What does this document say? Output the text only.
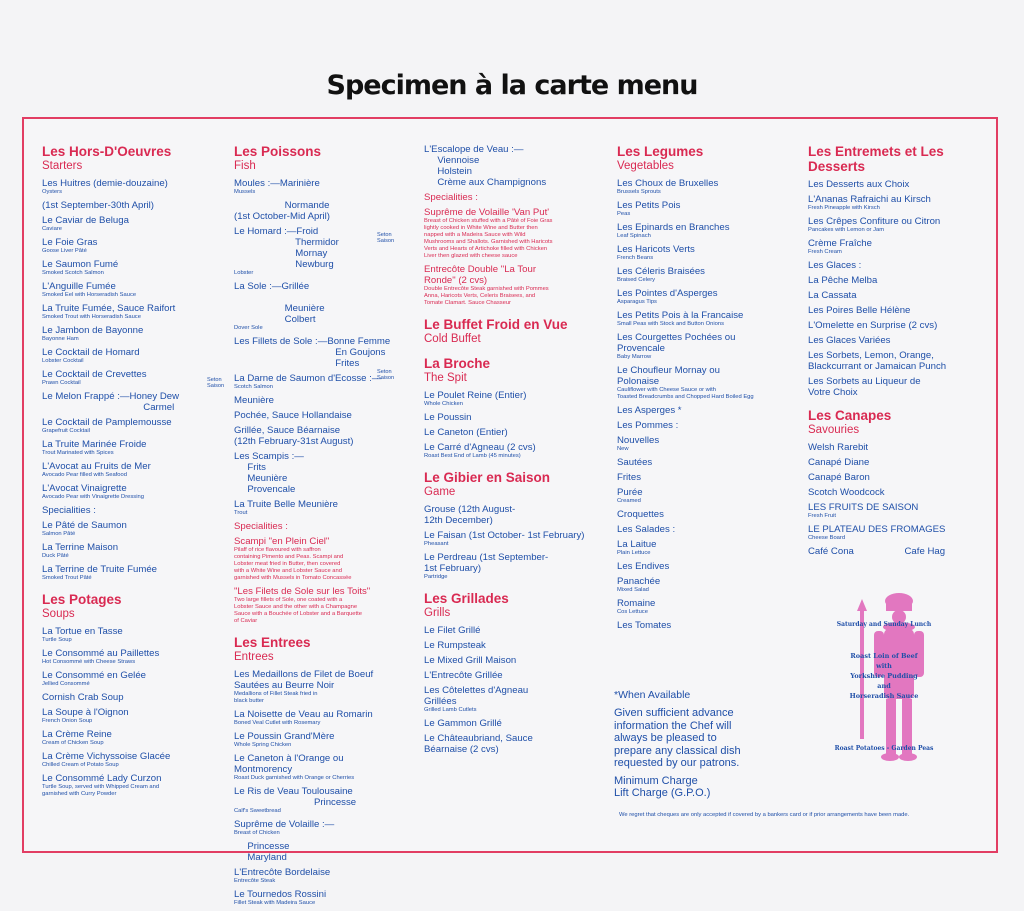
Specimen à la carte menu
Les Hors-D'Oeuvres
Starters
Les Huitres (demie-douzaine)
Oysters
(1st September-30th April)
Le Caviar de Beluga
Caviare
Le Foie Gras
Goose Liver Pâté
Le Saumon Fumé
Smoked Scotch Salmon
L'Anguille Fumée
Smoked Eel with Horseradish Sauce
La Truite Fumée, Sauce Raifort
Smoked Trout with Horseradish Sauce
Le Jambon de Bayonne
Bayonne Ham
Le Cocktail de Homard
Lobster Cocktail
Le Cocktail de Crevettes
Prawn Cocktail
Le Melon Frappé :—Honey Dew
Carmel
Le Cocktail de Pamplemousse
Grapefruit Cocktail
La Truite Marinée Froide
Trout Marinated with Spices
L'Avocat au Fruits de Mer
Avocado Pear filled with Seafood
L'Avocat Vinaigrette
Avocado Pear with Vinaigrette Dressing
Specialities :
Le Pâté de Saumon
Salmon Pâté
La Terrine Maison
Duck Pâté
La Terrine de Truite Fumée
Smoked Trout Pâté
Les Potages
Soups
La Tortue en Tasse
Turtle Soup
Le Consommé au Paillettes
Hot Consommé with Cheese Straws
Le Consommé en Gelée
Jellied Consommé
Cornish Crab Soup
La Soupe à l'Oignon
French Onion Soup
La Crème Reine
Cream of Chicken Soup
La Crème Vichyssoise Glacée
Chilled Cream of Potato Soup
Le Consommé Lady Curzon
Turtle Soup, served with Whipped Cream and
garnished with Curry Powder
Les Poissons
Fish
Moules :—Marinière
Mussels
Normande
(1st October-Mid April)
Le Homard :—Froid
Thermidor
Mornay
Newburg
Lobster
La Sole :—Grillée

Meunière
Colbert
Dover Sole
Les Fillets de Sole :—Bonne Femme
En Goujons
Frites
La Darne de Saumon d'Ecosse :—
Scotch Salmon
Meunière
Pochée, Sauce Hollandaise
Grillée, Sauce Béarnaise
(12th February-31st August)
Les Scampis :—
Frits
Meunière
Provencale
La Truite Belle Meunière
Trout
Specialities :
Scampi "en Plein Ciel"
Pilaff of rice flavoured with saffron
containing Pimento and Peas. Scampi and
Lobster meat fried in Butter, then covered
with a White Wine and Lobster Sauce and
garnished with Mussels in Tomato Concassée
"Les Filets de Sole sur les Toits"
Two large fillets of Sole, one coated with a
Lobster Sauce and the other with a Champagne
Sauce with a Bouchée of Lobster and a Barquette
of Caviar
Les Entrees
Entrees
Les Medaillons de Filet de Boeuf
Sautées au Beurre Noir
Medallions of Fillet Steak fried in
black butter
La Noisette de Veau au Romarin
Boned Veal Cutlet with Rosemary
Le Poussin Grand'Mère
Whole Spring Chicken
Le Caneton à l'Orange ou
Montmorency
Roast Duck garnished with Orange or Cherries
Le Ris de Veau Toulousaine
Princesse
Calf's Sweetbread
Suprême de Volaille :—
Breast of Chicken
Princesse
Maryland
L'Entrecôte Bordelaise
Entrecôte Steak
Le Tournedos Rossini
Fillet Steak with Madeira Sauce
L'Escalope de Veau :—
Viennoise
Holstein
Crème aux Champignons
Specialities :
Suprême de Volaille 'Van Put'
Breast of Chicken stuffed with a Pâté of Foie Gras
lightly cooked in White Wine and Butter then
napped with a Madeira Sauce with Wild
Mushrooms and Shallots. Garnished with Haricots
Verts and Hearts of Artichoke filled with Chicken
Liver then glazed with cheese sauce
Entrecôte Double "La Tour
Ronde" (2 cvs)
Double Entrecôte Steak garnished with Pommes
Anna, Haricots Verts, Celeris Braisees, and
Tomate Clamart. Sauce Chasseur
Le Buffet Froid en Vue
Cold Buffet
La Broche
The Spit
Le Poulet Reine (Entier)
Whole Chicken
Le Poussin
Le Caneton (Entier)
Le Carré d'Agneau (2 cvs)
Roast Best End of Lamb (45 minutes)
Le Gibier en Saison
Game
Grouse (12th August-
12th December)
Le Faisan (1st October- 1st February)
Pheasant
Le Perdreau (1st September-
1st February)
Partridge
Les Grillades
Grills
Le Filet Grillé
Le Rumpsteak
Le Mixed Grill Maison
L'Entrecôte Grillée
Les Côtelettes d'Agneau
Grillées
Grilled Lamb Cutlets
Le Gammon Grillé
Le Châteaubriand, Sauce
Béarnaise (2 cvs)
Les Legumes
Vegetables
Les Choux de Bruxelles
Brussels Sprouts
Les Petits Pois
Peas
Les Epinards en Branches
Leaf Spinach
Les Haricots Verts
French Beans
Les Céleris Braisées
Braised Celery
Les Pointes d'Asperges
Asparagus Tips
Les Petits Pois à la Francaise
Small Peas with Stock and Button Onions
Les Courgettes Pochées ou
Provencale
Baby Marrow
Le Choufleur Mornay ou
Polonaise
Cauliflower with Cheese Sauce or with
Toasted Breadcrumbs and Chopped Hard Boiled Egg
Les Asperges *
Les Pommes :
Nouvelles
New
Sautées
Frites
Purée
Creamed
Croquettes
Les Salades :
La Laitue
Plain Lettuce
Les Endives
Panachée
Mixed Salad
Romaine
Cos Lettuce
Les Tomates
Les Entremets et Les Desserts
Les Desserts aux Choix
L'Ananas Rafraichi au Kirsch
Fresh Pineapple with Kirsch
Les Crêpes Confiture ou Citron
Pancakes with Lemon or Jam
Crème Fraîche
Fresh Cream
Les Glaces :
La Pêche Melba
La Cassata
Les Poires Belle Hélène
L'Omelette en Surprise (2 cvs)
Les Glaces Variées
Les Sorbets, Lemon, Orange,
Blackcurrant or Jamaican Punch
Les Sorbets au Liqueur de
Votre Choix
Les Canapes
Savouries
Welsh Rarebit
Canapé Diane
Canapé Baron
Scotch Woodcock
LES FRUITS DE SAISON
Fresh Fruit
LE PLATEAU DES FROMAGES
Cheese Board
Café Cona                   Cafe Hag
Seton
Saison
Seton
Saison
Seton
Saison
*When Available
Given sufficient advance
information the Chef will
always be pleased to
prepare any classical dish
requested by our patrons.
Minimum Charge
Lift Charge (G.P.O.)
We regret that cheques are only accepted if covered by a bankers card or if prior arrangements have been made.
Saturday and Sunday Lunch
Roast Loin of Beef
with
Yorkshire Pudding
and
Horseradish Sauce
Roast Potatoes - Garden Peas
